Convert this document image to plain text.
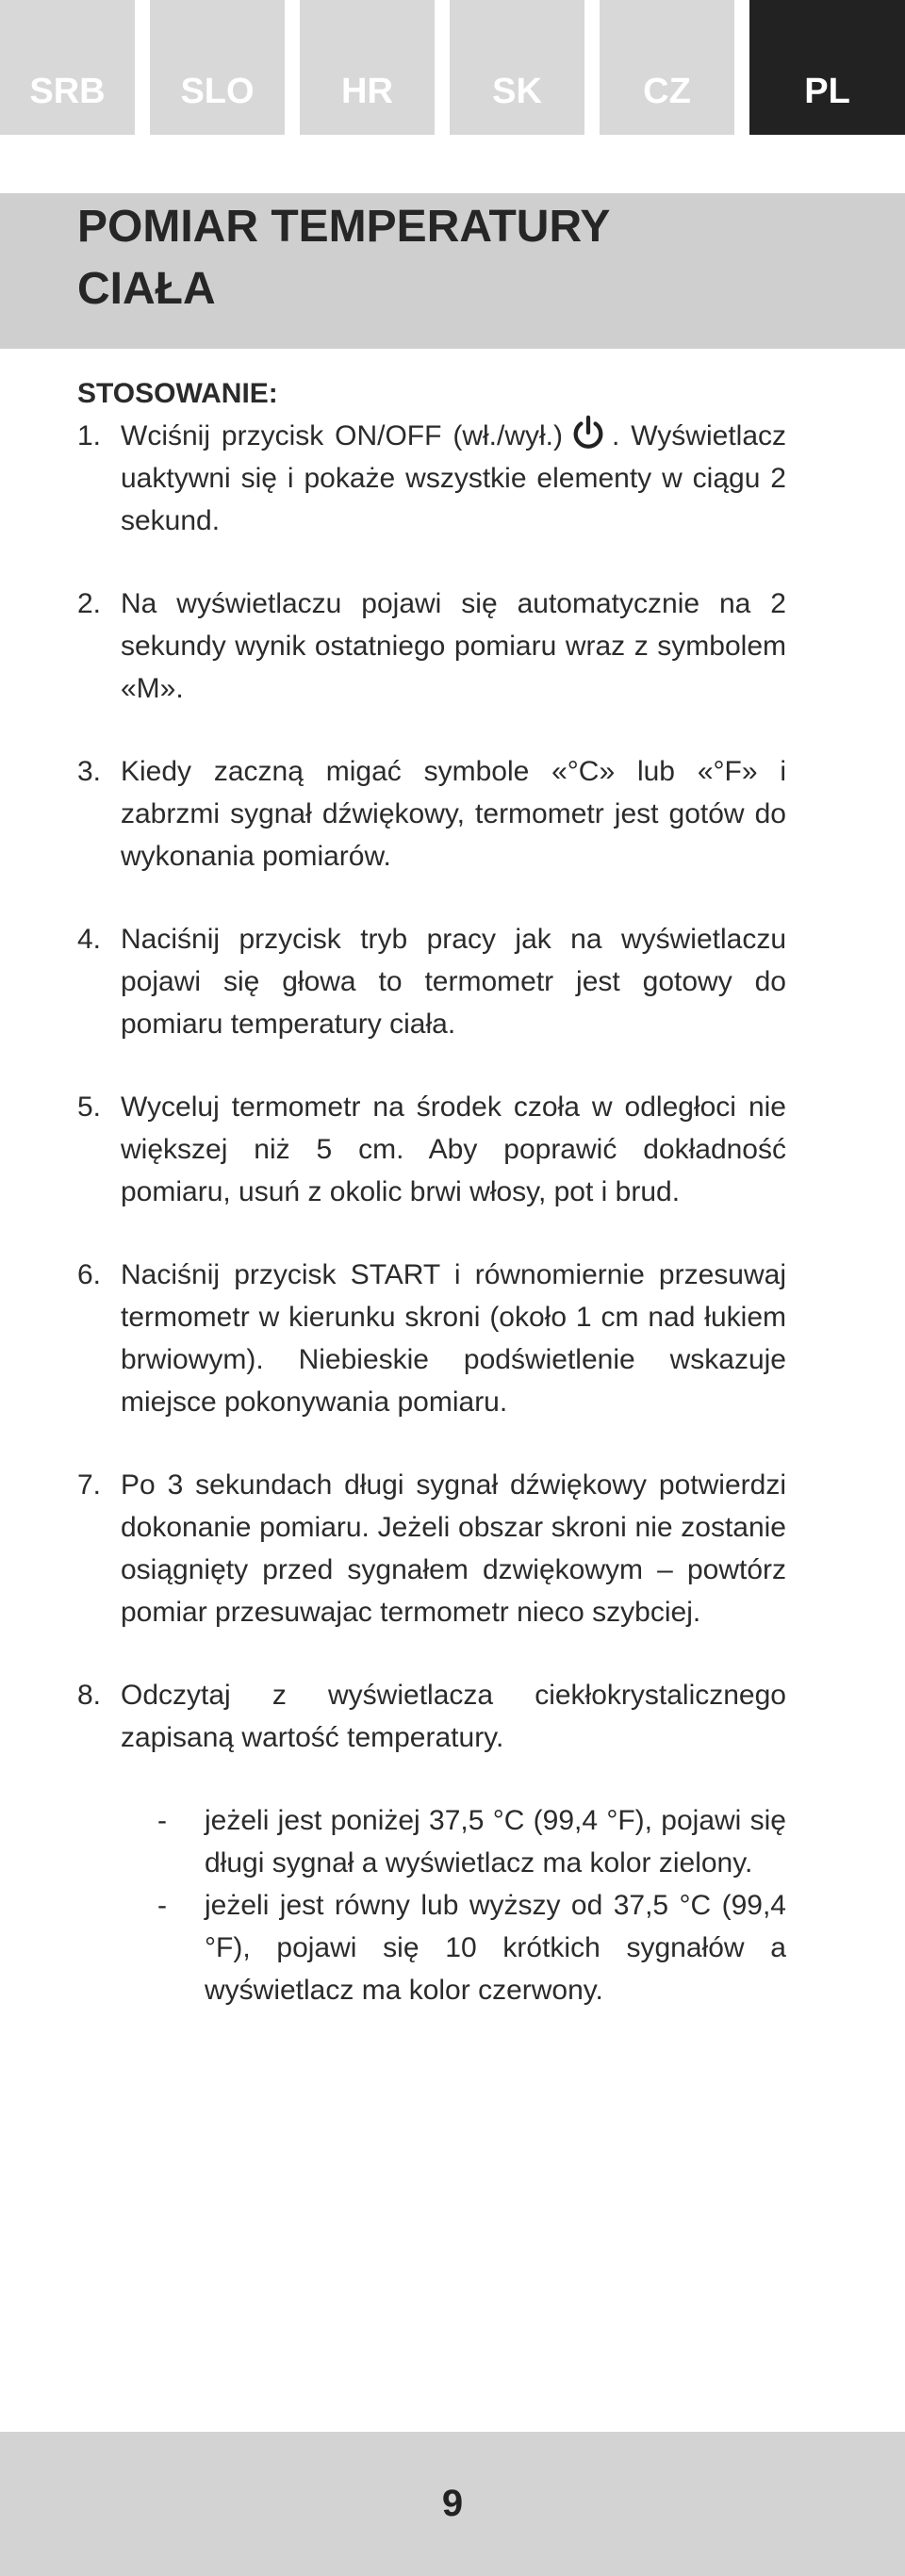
SRB SLO HR	SK	CZ	PL
POMIAR TEMPERATURY
CIAŁA
STOSOWANIE:

1. Wciśnij przycisk ON/OFF (wł./wył.) . Wyświetlacz uaktywni się i pokaże wszystkie elementy w ciągu 2 sekund.

2. Na wyświetlaczu pojawi się automatycznie na 2 sekundy wynik ostatniego pomiaru wraz z symbolem «M».

3. Kiedy zaczną migać symbole «°C» lub «°F» i zabrzmi sygnał dźwiękowy, termometr jest gotów do wykonania pomiarów.

4. Naciśnij przycisk tryb pracy jak na wyświetlaczu pojawi się głowa to termometr jest gotowy do pomiaru temperatury ciała.

5. Wyceluj termometr na środek czoła w odległoci nie większej niż 5 cm. Aby poprawić dokładność pomiaru, usuń z okolic brwi włosy, pot i brud.

6. Naciśnij przycisk START i równomiernie przesuwaj termometr w kierunku skroni (około 1 cm nad łukiem brwiowym). Niebieskie podświetlenie wskazuje miejsce pokonywania pomiaru.

7. Po 3 sekundach długi sygnał dźwiękowy potwierdzi dokonanie pomiaru. Jeżeli obszar skroni nie zostanie osiągnięty przed sygnałem dzwiękowym – powtórz pomiar przesuwajac termometr nieco szybciej.

8. Odczytaj z wyświetlacza ciekłokrystalicznego zapisaną wartość temperatury.

- jeżeli jest poniżej 37,5 °C (99,4 °F), pojawi się długi sygnał a wyświetlacz ma kolor zielony.
- jeżeli jest równy lub wyższy od 37,5 °C (99,4 °F), pojawi się 10 krótkich sygnałów a wyświetlacz ma kolor czerwony.
9
